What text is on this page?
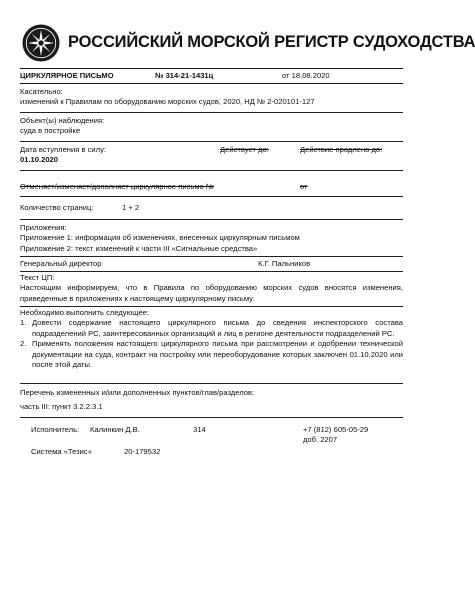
РОССИЙСКИЙ МОРСКОЙ РЕГИСТР СУДОХОДСТВА
ЦИРКУЛЯРНОЕ ПИСЬМО	№ 314-21-1431ц	от 18.08.2020
Касательно:
изменений к Правилам по оборудованию морских судов, 2020, НД № 2-020101-127
Объект(ы) наблюдения:
суда в постройке
Дата вступления в силу:
01.10.2020
Действует до:	Действие продлено до:
Отменяет/изменяет/дополняет циркулярное письмо №	от
Количество страниц:	1 + 2
Приложения:
Приложение 1: информация об изменениях, внесенных циркулярным письмом
Приложение 2: текст изменений к части III «Сигнальные средства»
Генеральный директор	К.Г. Пальников
Текст ЦП:
Настоящим информируем, что в Правила по оборудованию морских судов вносятся изменения, приведенные в приложениях к настоящему циркулярному письму.
Необходимо выполнить следующее:
1. Довести содержание настоящего циркулярного письма до сведения инспекторского состава подразделений РС, заинтересованных организаций и лиц в регионе деятельности подразделений РС.
2. Применять положения настоящего циркулярного письма при рассмотрении и одобрении технической документации на суда, контракт на постройку или переоборудование которых заключен 01.10.2020 или после этой даты.
Перечень измененных и/или дополненных пунктов/глав/разделов:
часть III: пункт 3.2.2.3.1
Исполнитель: Калинкин Д.В.	314	+7 (812) 605-05-29
доб. 2207
Система «Тезис»	20-179532
